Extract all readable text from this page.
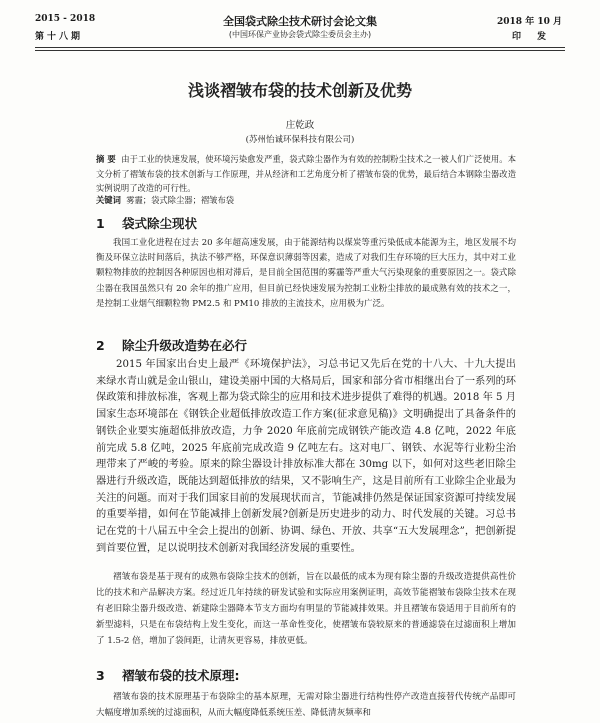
2015 - 2018
第十八期
全国袋式除尘技术研讨会论文集
(中国环保产业协会袋式除尘委员会主办)
2018 年 10 月
印发
浅谈褶皱布袋的技术创新及优势
庄乾政
(苏州怡诚环保科技有限公司)
摘 要 由于工业的快速发展，使环境污染愈发严重，袋式除尘器作为有效的控制粉尘技术之一被人们广泛使用。本文分析了褶皱布袋的技术创新与工作原理，并从经济和工艺角度分析了褶皱布袋的优势，最后结合本钢除尘器改造实例说明了改造的可行性。
关键词 雾霾；袋式除尘器；褶皱布袋
1 袋式除尘现状
我国工业化进程在过去 20 多年超高速发展，由于能源结构以煤炭等重污染低成本能源为主，地区发展不均衡及环保立法时间落后，执法不够严格，环保意识薄弱等因素，造成了对我们生存环境的巨大压力，其中对工业颗粒物排放的控制因各种原因也相对滞后，是目前全国范围的雾霾等严重大气污染现象的重要原因之一。袋式除尘器在我国虽然只有 20 余年的推广应用，但目前已经快速发展为控制工业粉尘排放的最成熟有效的技术之一，是控制工业烟气细颗粒物 PM2.5 和 PM10 排放的主流技术，应用极为广泛。
2 除尘升级改造势在必行
2015 年国家出台史上最严《环境保护法》，习总书记又先后在党的十八大、十九大提出来绿水青山就是金山银山，建设美丽中国的大格局后，国家和部分省市相继出台了一系列的环保政策和排放标准，客观上都为袋式除尘的应用和技术进步提供了难得的机遇。2018 年 5 月国家生态环境部在《钢铁企业超低排放改造工作方案(征求意见稿)》文明确提出了具备条件的钢铁企业要实施超低排放改造，力争 2020 年底前完成钢铁产能改造 4.8 亿吨，2022 年底前完成 5.8 亿吨，2025 年底前完成改造 9 亿吨左右。这对电厂、钢铁、水泥等行业粉尘治理带来了严峻的考验。原来的除尘器设计排放标准大都在 30mg 以下，如何对这些老旧除尘器进行升级改造，既能达到超低排放的结果，又不影响生产，这是目前所有工业除尘企业最为关注的问题。而对于我们国家目前的发展现状而言，节能减排仍然是保证国家资源可持续发展的重要举措，如何在节能减排上创新发展?创新是历史进步的动力、时代发展的关键。习总书记在党的十八届五中全会上提出的创新、协调、绿色、开放、共享“五大发展理念”，把创新提到首要位置，足以说明技术创新对我国经济发展的重要性。
褶皱布袋是基于现有的成熟布袋除尘技术的创新，旨在以最低的成本为现有除尘器的升级改造提供高性价比的技术和产品解决方案。经过近几年持续的研发试验和实际应用案例证明，高效节能褶皱布袋除尘技术在现有老旧除尘器升级改造、新建除尘器降本节支方面均有明显的节能减排效果。并且褶皱布袋适用于目前所有的新型滤料，只是在布袋结构上发生变化，而这一革命性变化，使褶皱布袋较原来的普通滤袋在过滤面积上增加了 1.5-2 倍，增加了袋间距，让清灰更容易，排放更低。
3 褶皱布袋的技术原理:
褶皱布袋的技术原理基于布袋除尘的基本原理，无需对除尘器进行结构性停产改造直接替代传统产品即可大幅度增加系统的过滤面积，从而大幅度降低系统压差、降低清灰频率和
